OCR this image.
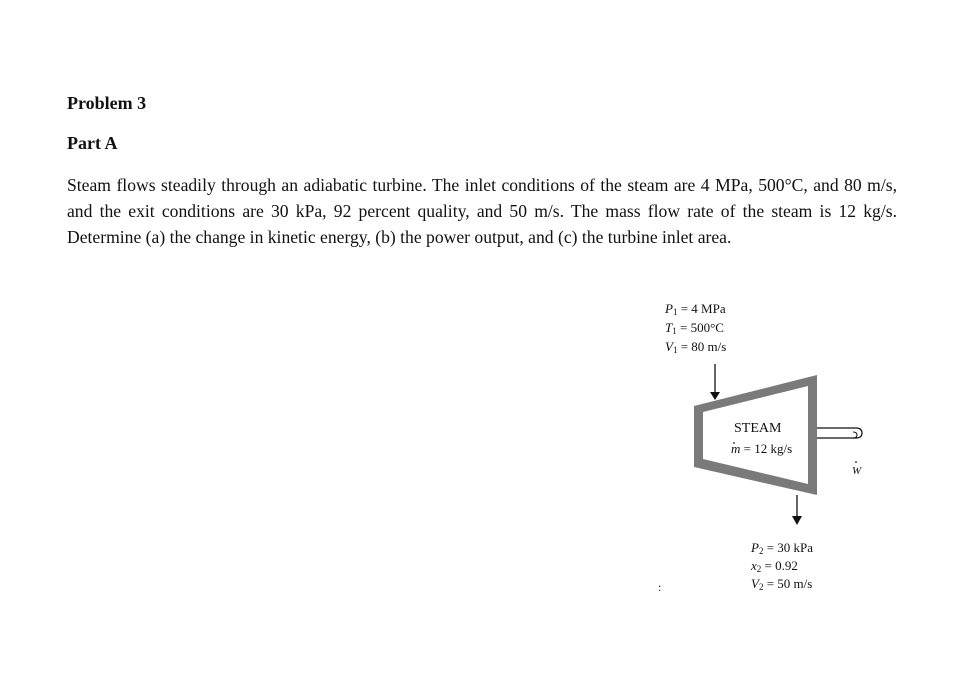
Problem 3
Part A

Steam flows steadily through an adiabatic turbine. The inlet conditions of the steam are 4 MPa, 500°C, and 80 m/s, and the exit conditions are 30 kPa, 92 percent quality, and 50 m/s. The mass flow rate of the steam is 12 kg/s. Determine (a) the change in kinetic energy, (b) the power output, and (c) the turbine inlet area.

$P_1 = 4$ MPa
$T_1 = 500^\circ C$
$V_1 = 80$ m/s
STEAM
m = 12 kg/s
W
$P_2 = 30$ kPa
$x_2 = 0.92$
$V_2 = 50$ m/s
:
